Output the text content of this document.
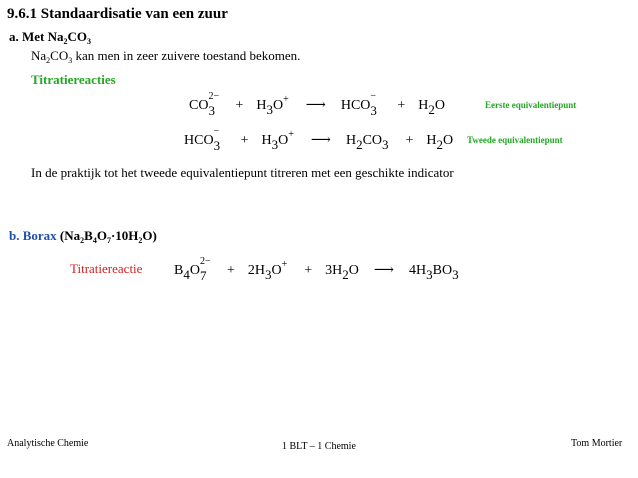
9.6.1 Standaardisatie van een zuur
a. Met $Na_2CO_3$
$Na_2CO_3$ kan men in zeer zuivere toestand bekomen.
Titratiereacties
CO
2−
3 + H3O+ ⟶ HCO
−
3 + H2O	Eerste equivalentiepunt
HCO
−
3 + H3O+ ⟶ H2CO3 + H2O Tweede equivalentiepunt
In de praktijk tot het tweede equivalentiepunt titreren met een geschikte indicator
b. Borax $(Na_2B_4O_7\cdot 10H_2O)$
Titratiereactie B4O
2−
7 + 2H3O+ + 3H2O ⟶ 4H3BO3
Analytische Chemie	1 BLT – 1 Chemie	Tom Mortier
